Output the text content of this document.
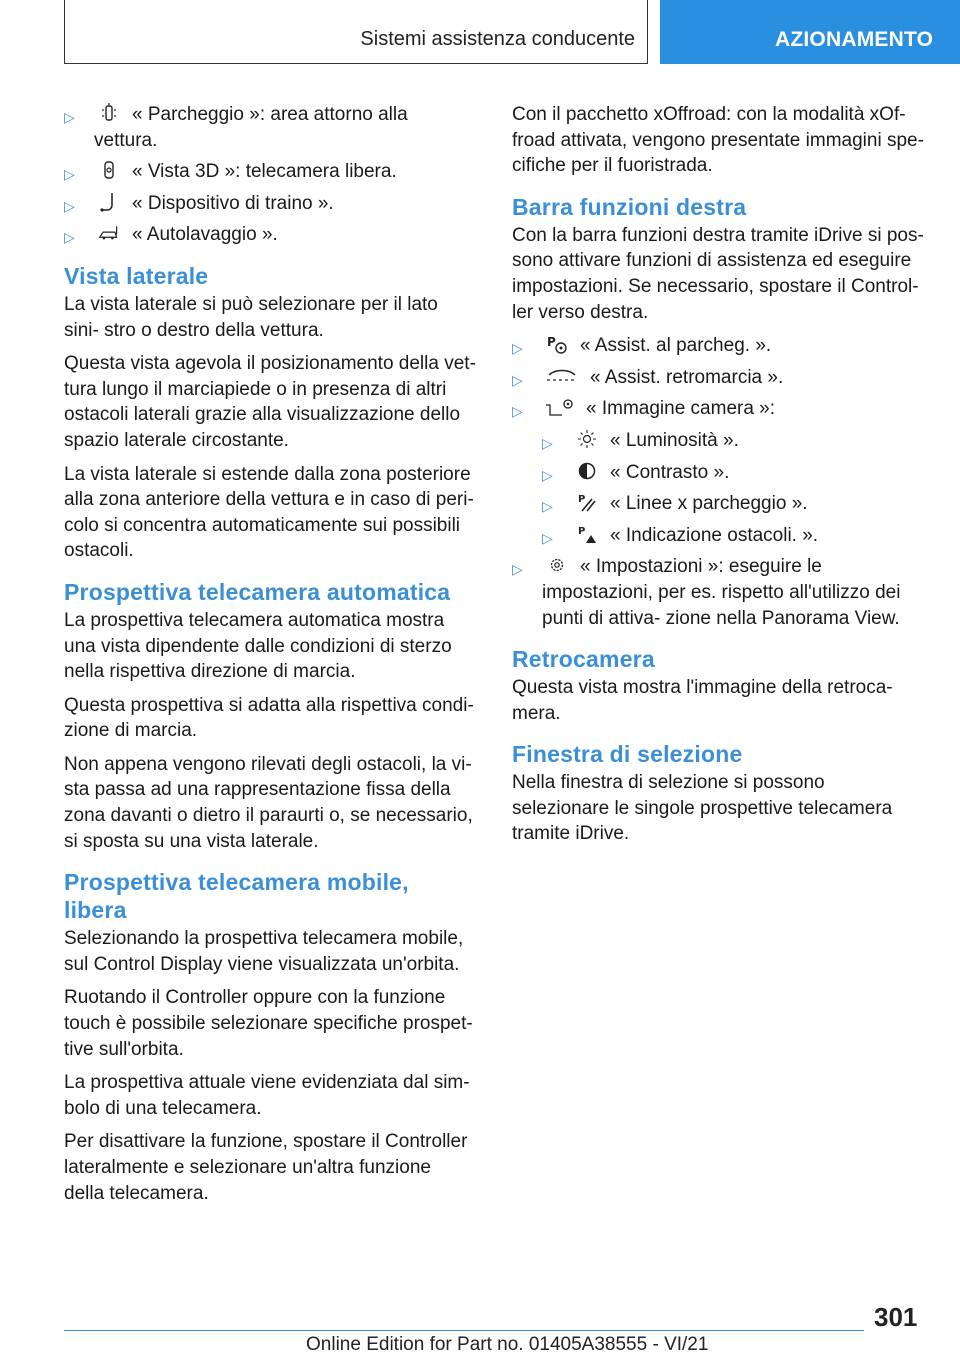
Sistemi assistenza conducente	AZIONAMENTO
▷	« Parcheggio »: area attorno alla vettura.
▷	« Vista 3D »: telecamera libera.
▷	« Dispositivo di traino ».
▷	« Autolavaggio ».
Vista laterale

La vista laterale si può selezionare per il lato sini- stro o destro della vettura.

Questa vista agevola il posizionamento della vet- tura lungo il marciapiede o in presenza di altri ostacoli laterali grazie alla visualizzazione dello spazio laterale circostante.

La vista laterale si estende dalla zona posteriore alla zona anteriore della vettura e in caso di peri- colo si concentra automaticamente sui possibili ostacoli.

Prospettiva telecamera automatica

La prospettiva telecamera automatica mostra una vista dipendente dalle condizioni di sterzo nella rispettiva direzione di marcia.

Questa prospettiva si adatta alla rispettiva condi- zione di marcia.

Non appena vengono rilevati degli ostacoli, la vi- sta passa ad una rappresentazione fissa della zona davanti o dietro il paraurti o, se necessario, si sposta su una vista laterale.

Prospettiva telecamera mobile, libera

Selezionando la prospettiva telecamera mobile, sul Control Display viene visualizzata un'orbita.

Ruotando il Controller oppure con la funzione touch è possibile selezionare specifiche prospet- tive sull'orbita.

La prospettiva attuale viene evidenziata dal sim- bolo di una telecamera.

Per disattivare la funzione, spostare il Controller lateralmente e selezionare un'altra funzione della telecamera.

Con il pacchetto xOffroad: con la modalità xOf- froad attivata, vengono presentate immagini spe- cifiche per il fuoristrada.

Barra funzioni destra

Con la barra funzioni destra tramite iDrive si pos- sono attivare funzioni di assistenza ed eseguire impostazioni. Se necessario, spostare il Control- ler verso destra.

▷ P « Assist. al parcheg. ».
▷	« Assist. retromarcia ».
▷	« Immagine camera »:
▷	« Luminosità ».
▷	« Contrasto ».
▷	P « Linee x parcheggio ».
▷	P « Indicazione ostacoli. ».
▷	« Impostazioni »: eseguire le impostazioni, per es. rispetto all'utilizzo dei punti di attiva- zione nella Panorama View.
Retrocamera

Questa vista mostra l'immagine della retroca- mera.

Finestra di selezione

Nella finestra di selezione si possono selezionare le singole prospettive telecamera tramite iDrive.

301
Online Edition for Part no. 01405A38555 - VI/21
